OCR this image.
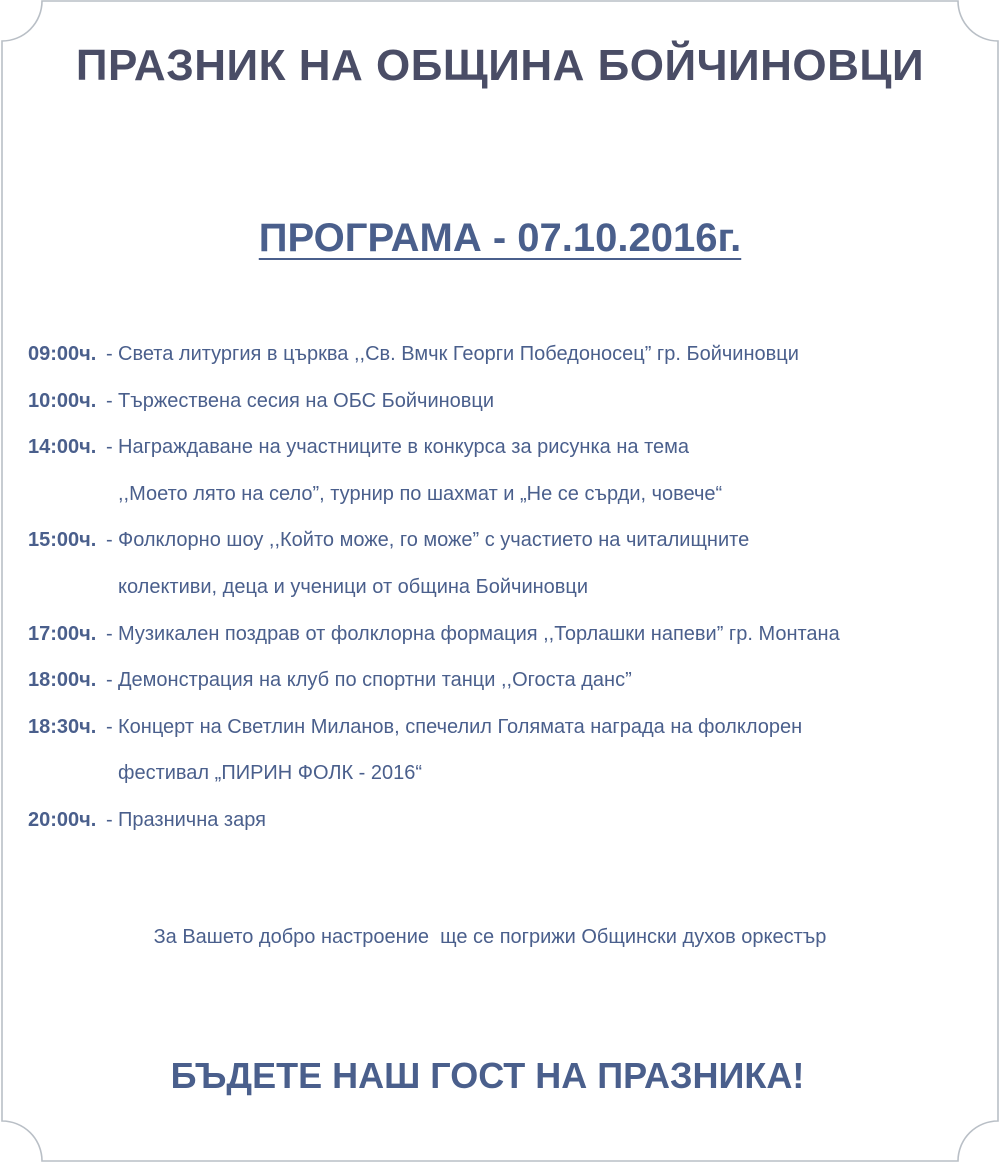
ПРАЗНИК НА ОБЩИНА БОЙЧИНОВЦИ
ПРОГРАМА - 07.10.2016г.
09:00ч. - Света литургия в църква ,,Св. Вмчк Георги Победоносец” гр. Бойчиновци
10:00ч. - Тържествена сесия на ОБС Бойчиновци
14:00ч. - Награждаване на участниците в конкурса за рисунка на тема
,,Моето лято на село”, турнир по шахмат и „Не се сърди, човече“
15:00ч. - Фолклорно шоу ,,Който може, го може” с участието на читалищните
колективи, деца и ученици от община Бойчиновци
17:00ч. - Музикален поздрав от фолклорна формация ,,Торлашки напеви” гр. Монтана
18:00ч. - Демонстрация на клуб по спортни танци ,,Огоста данс”
18:30ч. - Концерт на Светлин Миланов, спечелил Голямата награда на фолклорен
фестивал „ПИРИН ФОЛК - 2016“
20:00ч. - Празнична заря

За Вашето добро настроение  ще се погрижи Общински духов оркестър

БЪДЕТЕ НАШ ГОСТ НА ПРАЗНИКА!
